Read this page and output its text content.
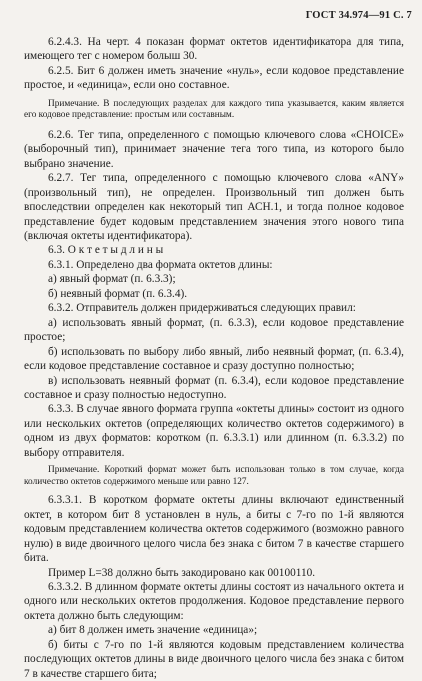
ГОСТ 34.974—91 С. 7

6.2.4.3. На черт. 4 показан формат октетов идентификатора для типа, имеющего тег с номером болыш 30.

6.2.5. Бит 6 должен иметь значение «нуль», если кодовое представление простое, и «единица», если оно составное.

Примечание. В последующих разделах для каждого типа указывается, каким является его кодовое представление: простым или составным.

6.2.6. Тег типа, определенного с помощью ключевого слова «CHOICE» (выборочный тип), принимает значение тега того типа, из которого было выбрано значение.

6.2.7. Тег типа, определенного с помощью ключевого слова «ANY» (произвольный тип), не определен. Произвольный тип должен быть впоследствии определен как некоторый тип АСН.1, и тогда полное кодовое представление будет кодовым представлением значения этого нового типа (включая октеты идентификатора).

6.3. О к т е т ы д л и н ы

6.3.1. Определено два формата октетов длины:

а) явный формат (п. 6.3.3);

б) неявный формат (п. 6.3.4).

6.3.2. Отправитель должен придерживаться следующих правил:

а) использовать явный формат, (п. 6.3.3), если кодовое представление простое;

б) использовать по выбору либо явный, либо неявный формат, (п. 6.3.4), если кодовое представление составное и сразу доступно полностью;

в) использовать неявный формат (п. 6.3.4), если кодовое представление составное и сразу полностью недоступно.

6.3.3. В случае явного формата группа «октеты длины» состоит из одного или нескольких октетов (определяющих количество октетов содержимого) в одном из двух форматов: коротком (п. 6.3.3.1) или длинном (п. 6.3.3.2) по выбору отправителя.

Примечание. Короткий формат может быть использован только в том случае, когда количество октетов содержимого меньше или равно 127.

6.3.3.1. В коротком формате октеты длины включают единственный октет, в котором бит 8 установлен в нуль, а биты с 7-го по 1-й являются кодовым представлением количества октетов содержимого (возможно равного нулю) в виде двоичного целого числа без знака с битом 7 в качестве старшего бита.

Пример L=38 должно быть закодировано как 00100110.

6.3.3.2. В длинном формате октеты длины состоят из начального октета и одного или нескольких октетов продолжения. Кодовое представление первого октета должно быть следующим:

а) бит 8 должен иметь значение «единица»;

б) биты с 7-го по 1-й являются кодовым представлением количества последующих октетов длины в виде двоичного целого числа без знака с битом 7 в качестве старшего бита;
